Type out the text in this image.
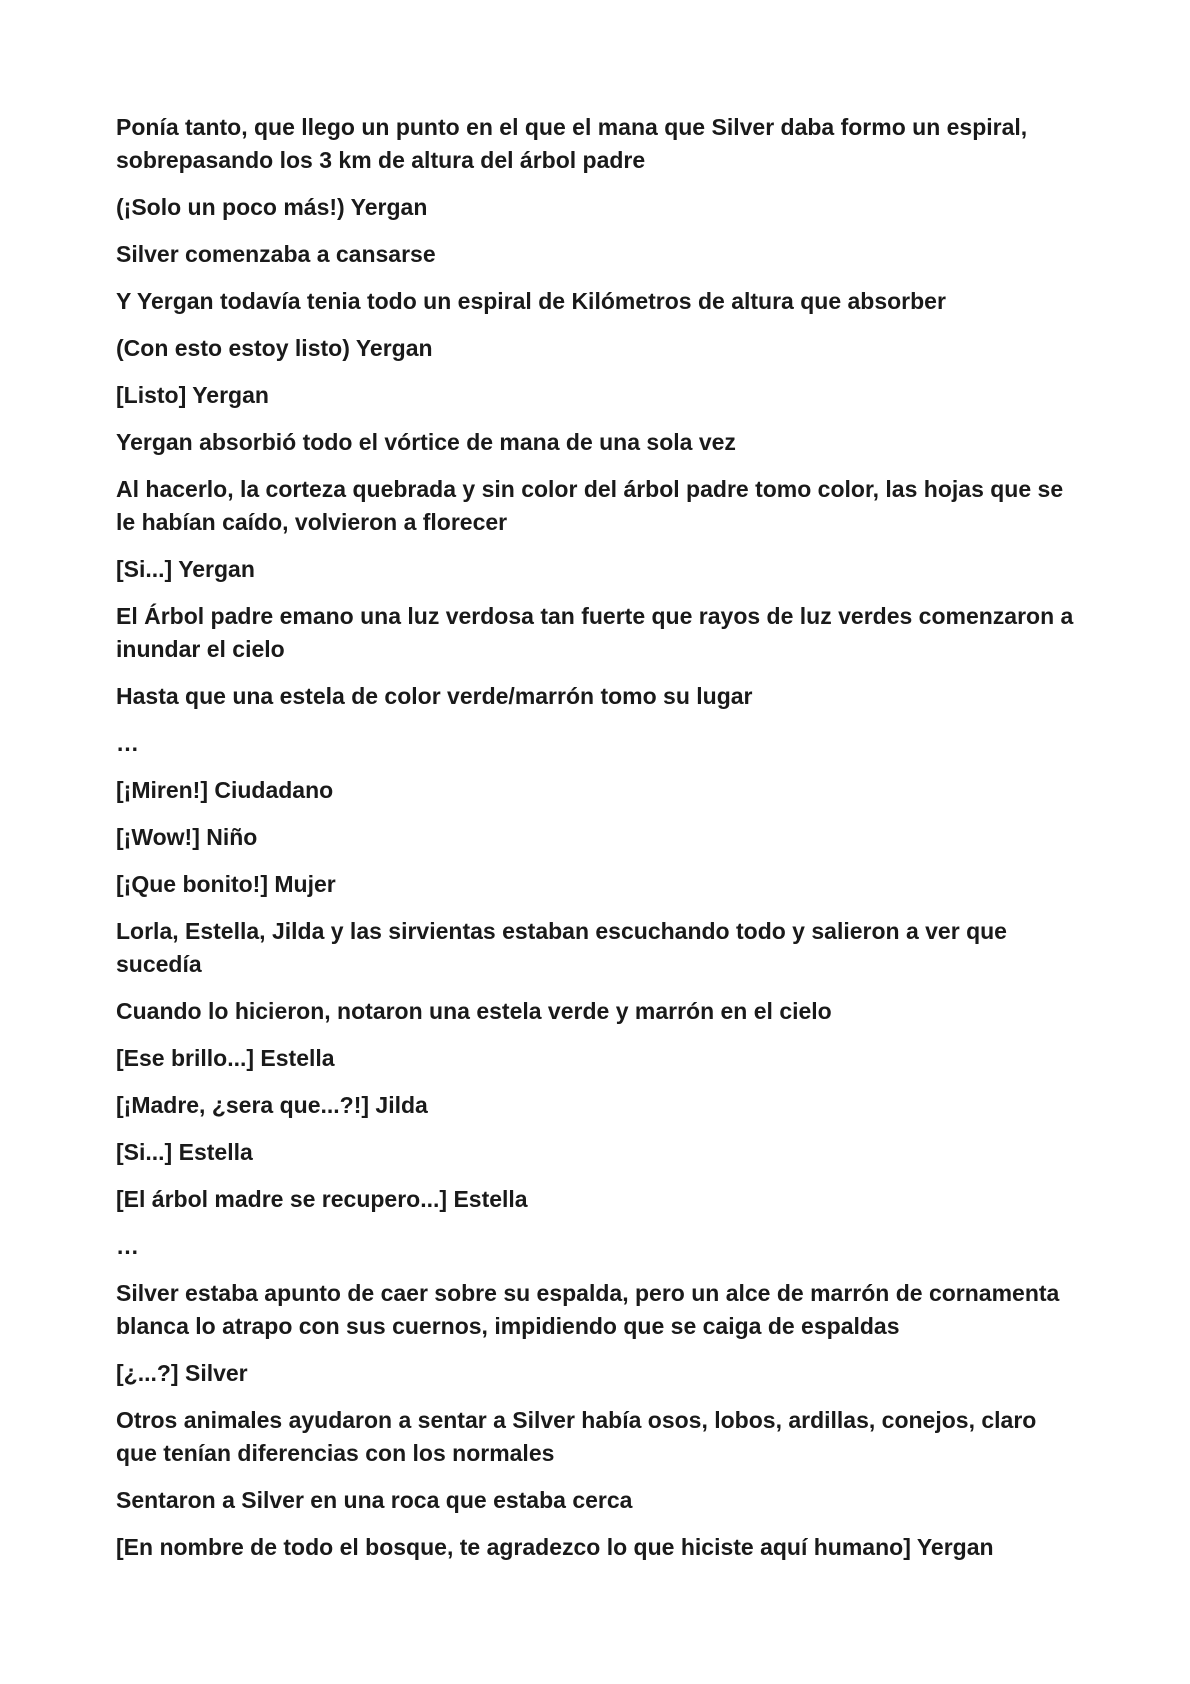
Ponía tanto, que llego un punto en el que el mana que Silver daba formo un espiral, sobrepasando los 3 km de altura del árbol padre

(¡Solo un poco más!) Yergan

Silver comenzaba a cansarse

Y Yergan todavía tenia todo un espiral de Kilómetros de altura que absorber

(Con esto estoy listo) Yergan

[Listo] Yergan

Yergan absorbió todo el vórtice de mana de una sola vez

Al hacerlo, la corteza quebrada y sin color del árbol padre tomo color, las hojas que se le habían caído, volvieron a florecer

[Si...] Yergan

El Árbol padre emano una luz verdosa tan fuerte que rayos de luz verdes comenzaron a inundar el cielo

Hasta que una estela de color verde/marrón tomo su lugar

…

[¡Miren!] Ciudadano

[¡Wow!] Niño

[¡Que bonito!] Mujer

Lorla, Estella, Jilda y las sirvientas estaban escuchando todo y salieron a ver que sucedía

Cuando lo hicieron, notaron una estela verde y marrón en el cielo

[Ese brillo...] Estella

[¡Madre, ¿sera que...?!] Jilda

[Si...] Estella

[El árbol madre se recupero...] Estella

…

Silver estaba apunto de caer sobre su espalda, pero un alce de marrón de cornamenta blanca lo atrapo con sus cuernos, impidiendo que se caiga de espaldas

[¿...?] Silver

Otros animales ayudaron a sentar a Silver había osos, lobos, ardillas, conejos, claro que tenían diferencias con los normales

Sentaron a Silver en una roca que estaba cerca

[En nombre de todo el bosque, te agradezco lo que hiciste aquí humano] Yergan
